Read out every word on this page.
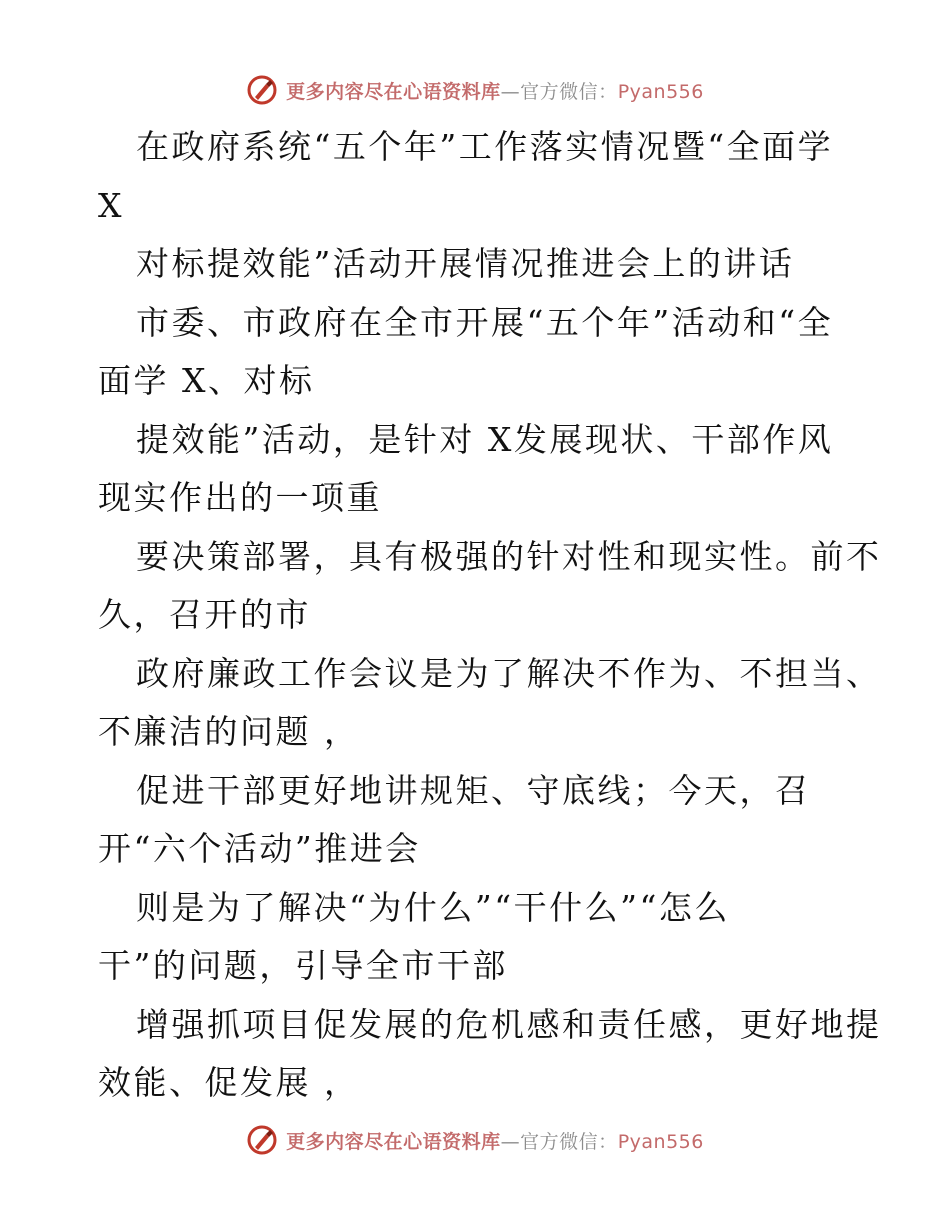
更多内容尽在心语资料库—官方微信：Pyan556
在政府系统“五个年”工作落实情况暨“全面学
X
对标提效能”活动开展情况推进会上的讲话
市委、市政府在全市开展“五个年”活动和“全
面学 X、对标
提效能”活动，是针对 X发展现状、干部作风
现实作出的一项重
要决策部署，具有极强的针对性和现实性。前不
久，召开的市
政府廉政工作会议是为了解决不作为、不担当、
不廉洁的问题 ，
促进干部更好地讲规矩、守底线；今天，召
开“六个活动”推进会
则是为了解决“为什么”“干什么”“怎么
干”的问题，引导全市干部
增强抓项目促发展的危机感和责任感，更好地提
效能、促发展 ，
更多内容尽在心语资料库—官方微信：Pyan556
